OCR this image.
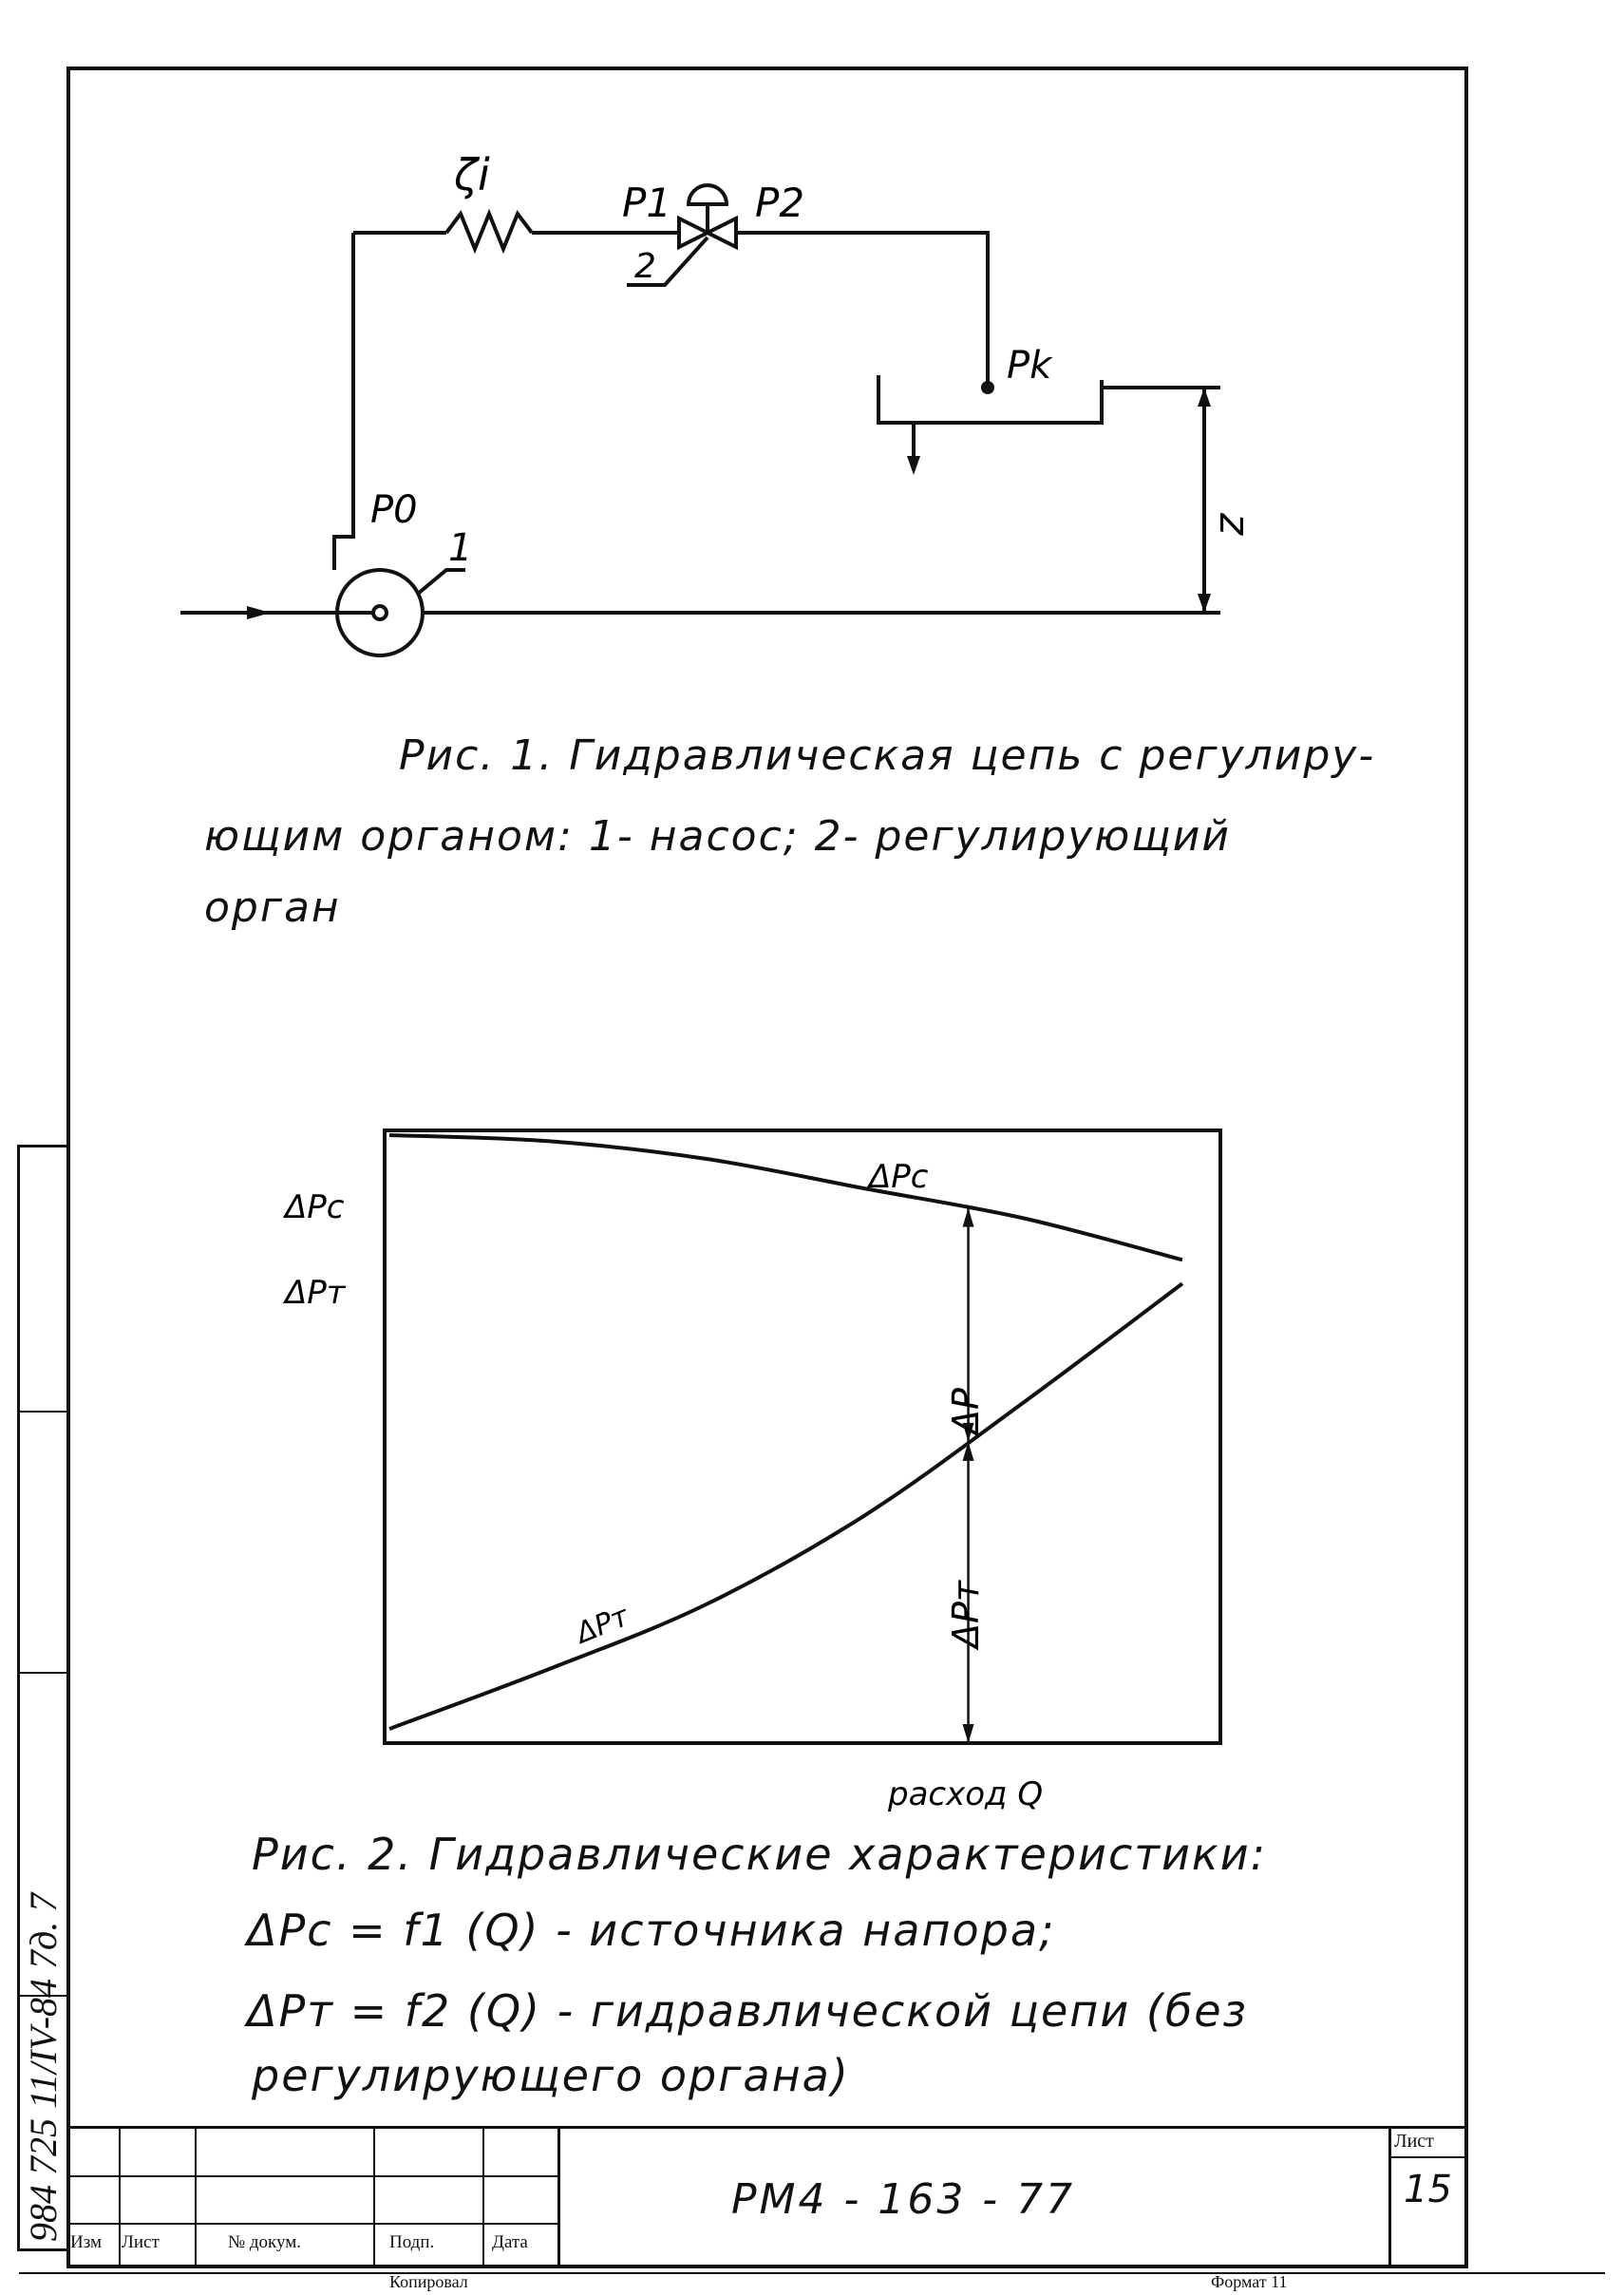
ζi
P1 P2
2
Pk
P0
1
z
Рис. 1. Гидравлическая цепь с регулиру-
ющим органом: 1- насос; 2- регулирующий
орган
ΔPc
ΔPт
ΔPc
ΔPт
ΔP
ΔPт
расход Q
Рис. 2. Гидравлические характеристики:
ΔPc = f1 (Q) - источника напора;
ΔPт = f2 (Q) - гидравлической цепи (без
регулирующего органа)
984 725 11/IV-84 7д. 7
Изм Лист	№ докум.	Подп.	Дата
РМ4 - 163 - 77
Лист
15
Копировал	Формат 11
